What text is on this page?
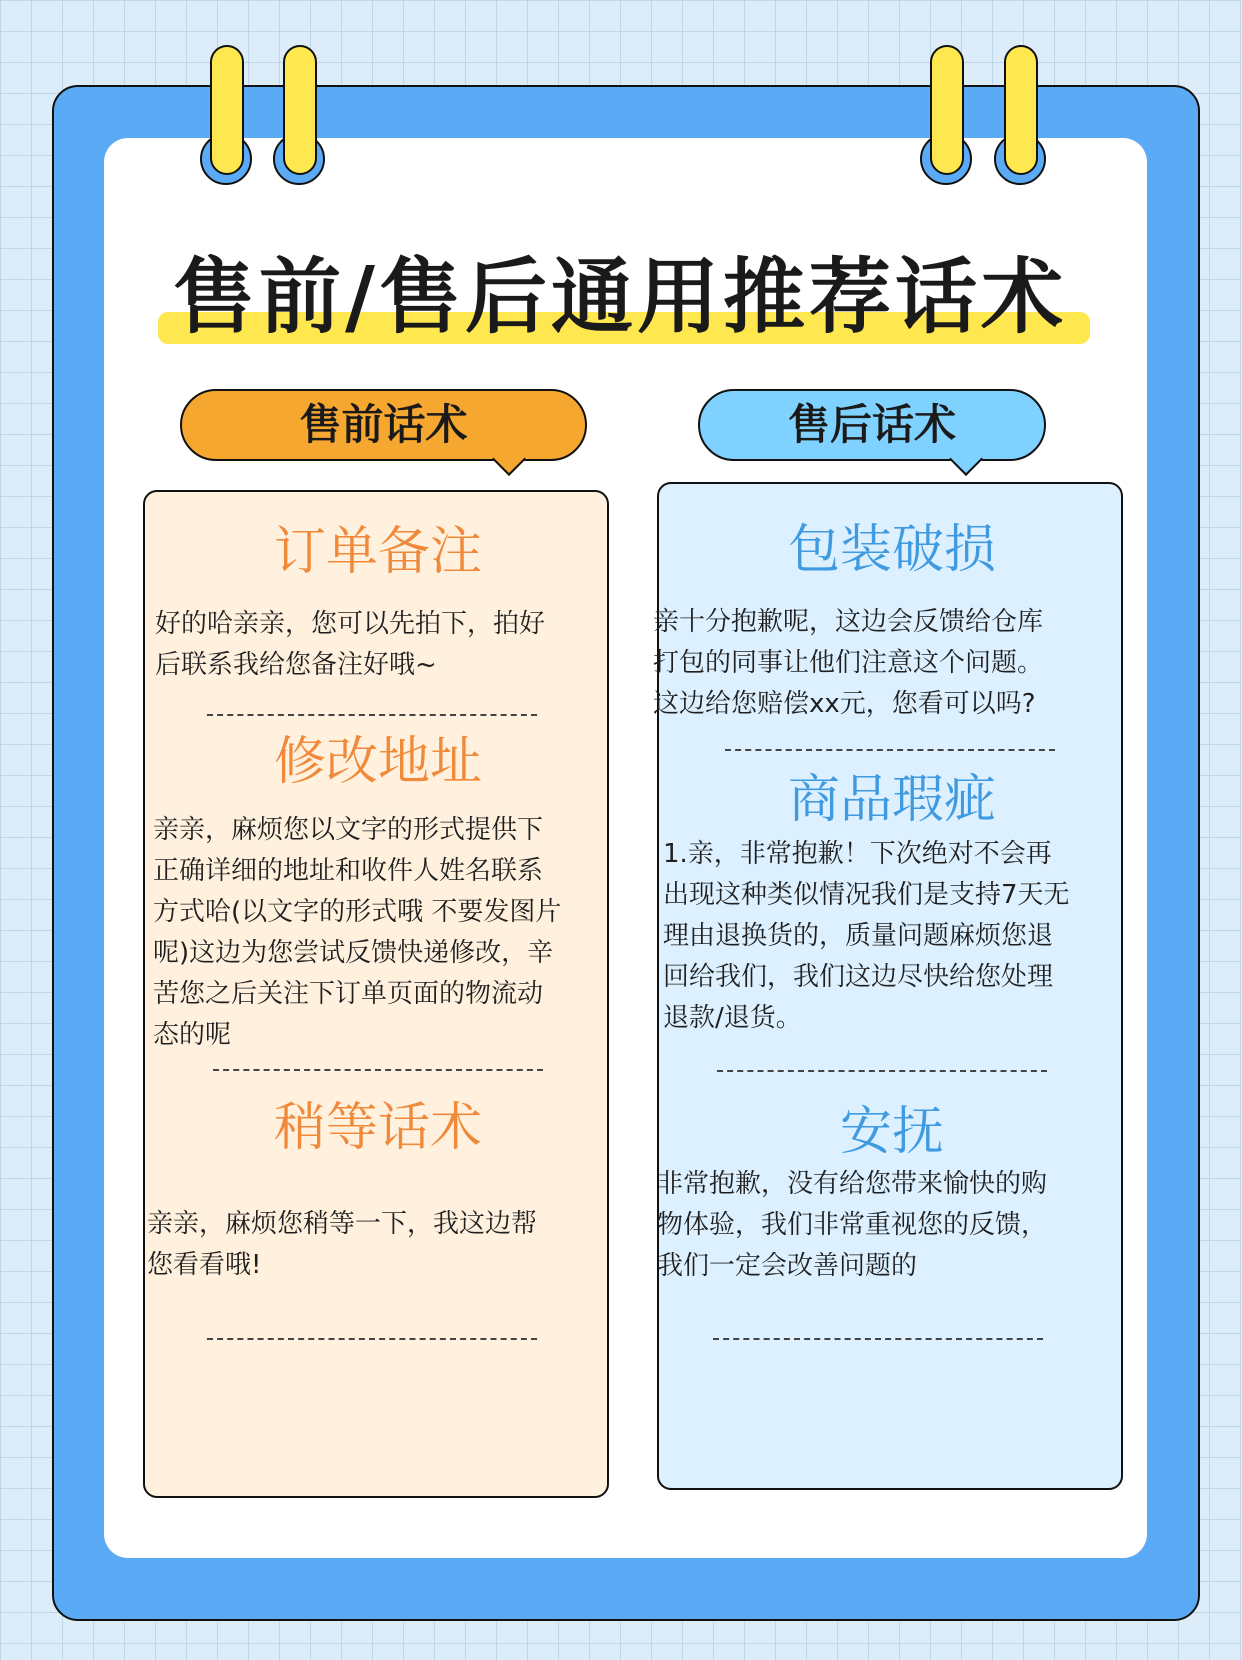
售前/售后通用推荐话术
售前话术	售后话术
订单备注
好的哈亲亲，您可以先拍下，拍好
后联系我给您备注好哦~
修改地址
亲亲，麻烦您以文字的形式提供下
正确详细的地址和收件人姓名联系
方式哈(以文字的形式哦 不要发图片
呢)这边为您尝试反馈快递修改，辛
苦您之后关注下订单页面的物流动
态的呢
稍等话术
亲亲，麻烦您稍等一下，我这边帮
您看看哦!
包装破损
亲十分抱歉呢，这边会反馈给仓库
打包的同事让他们注意这个问题。
这边给您赔偿xx元，您看可以吗?
商品瑕疵
1.亲，非常抱歉！下次绝对不会再
出现这种类似情况我们是支持7天无
理由退换货的，质量问题麻烦您退
回给我们，我们这边尽快给您处理
退款/退货。
安抚
非常抱歉，没有给您带来愉快的购
物体验，我们非常重视您的反馈，
我们一定会改善问题的
